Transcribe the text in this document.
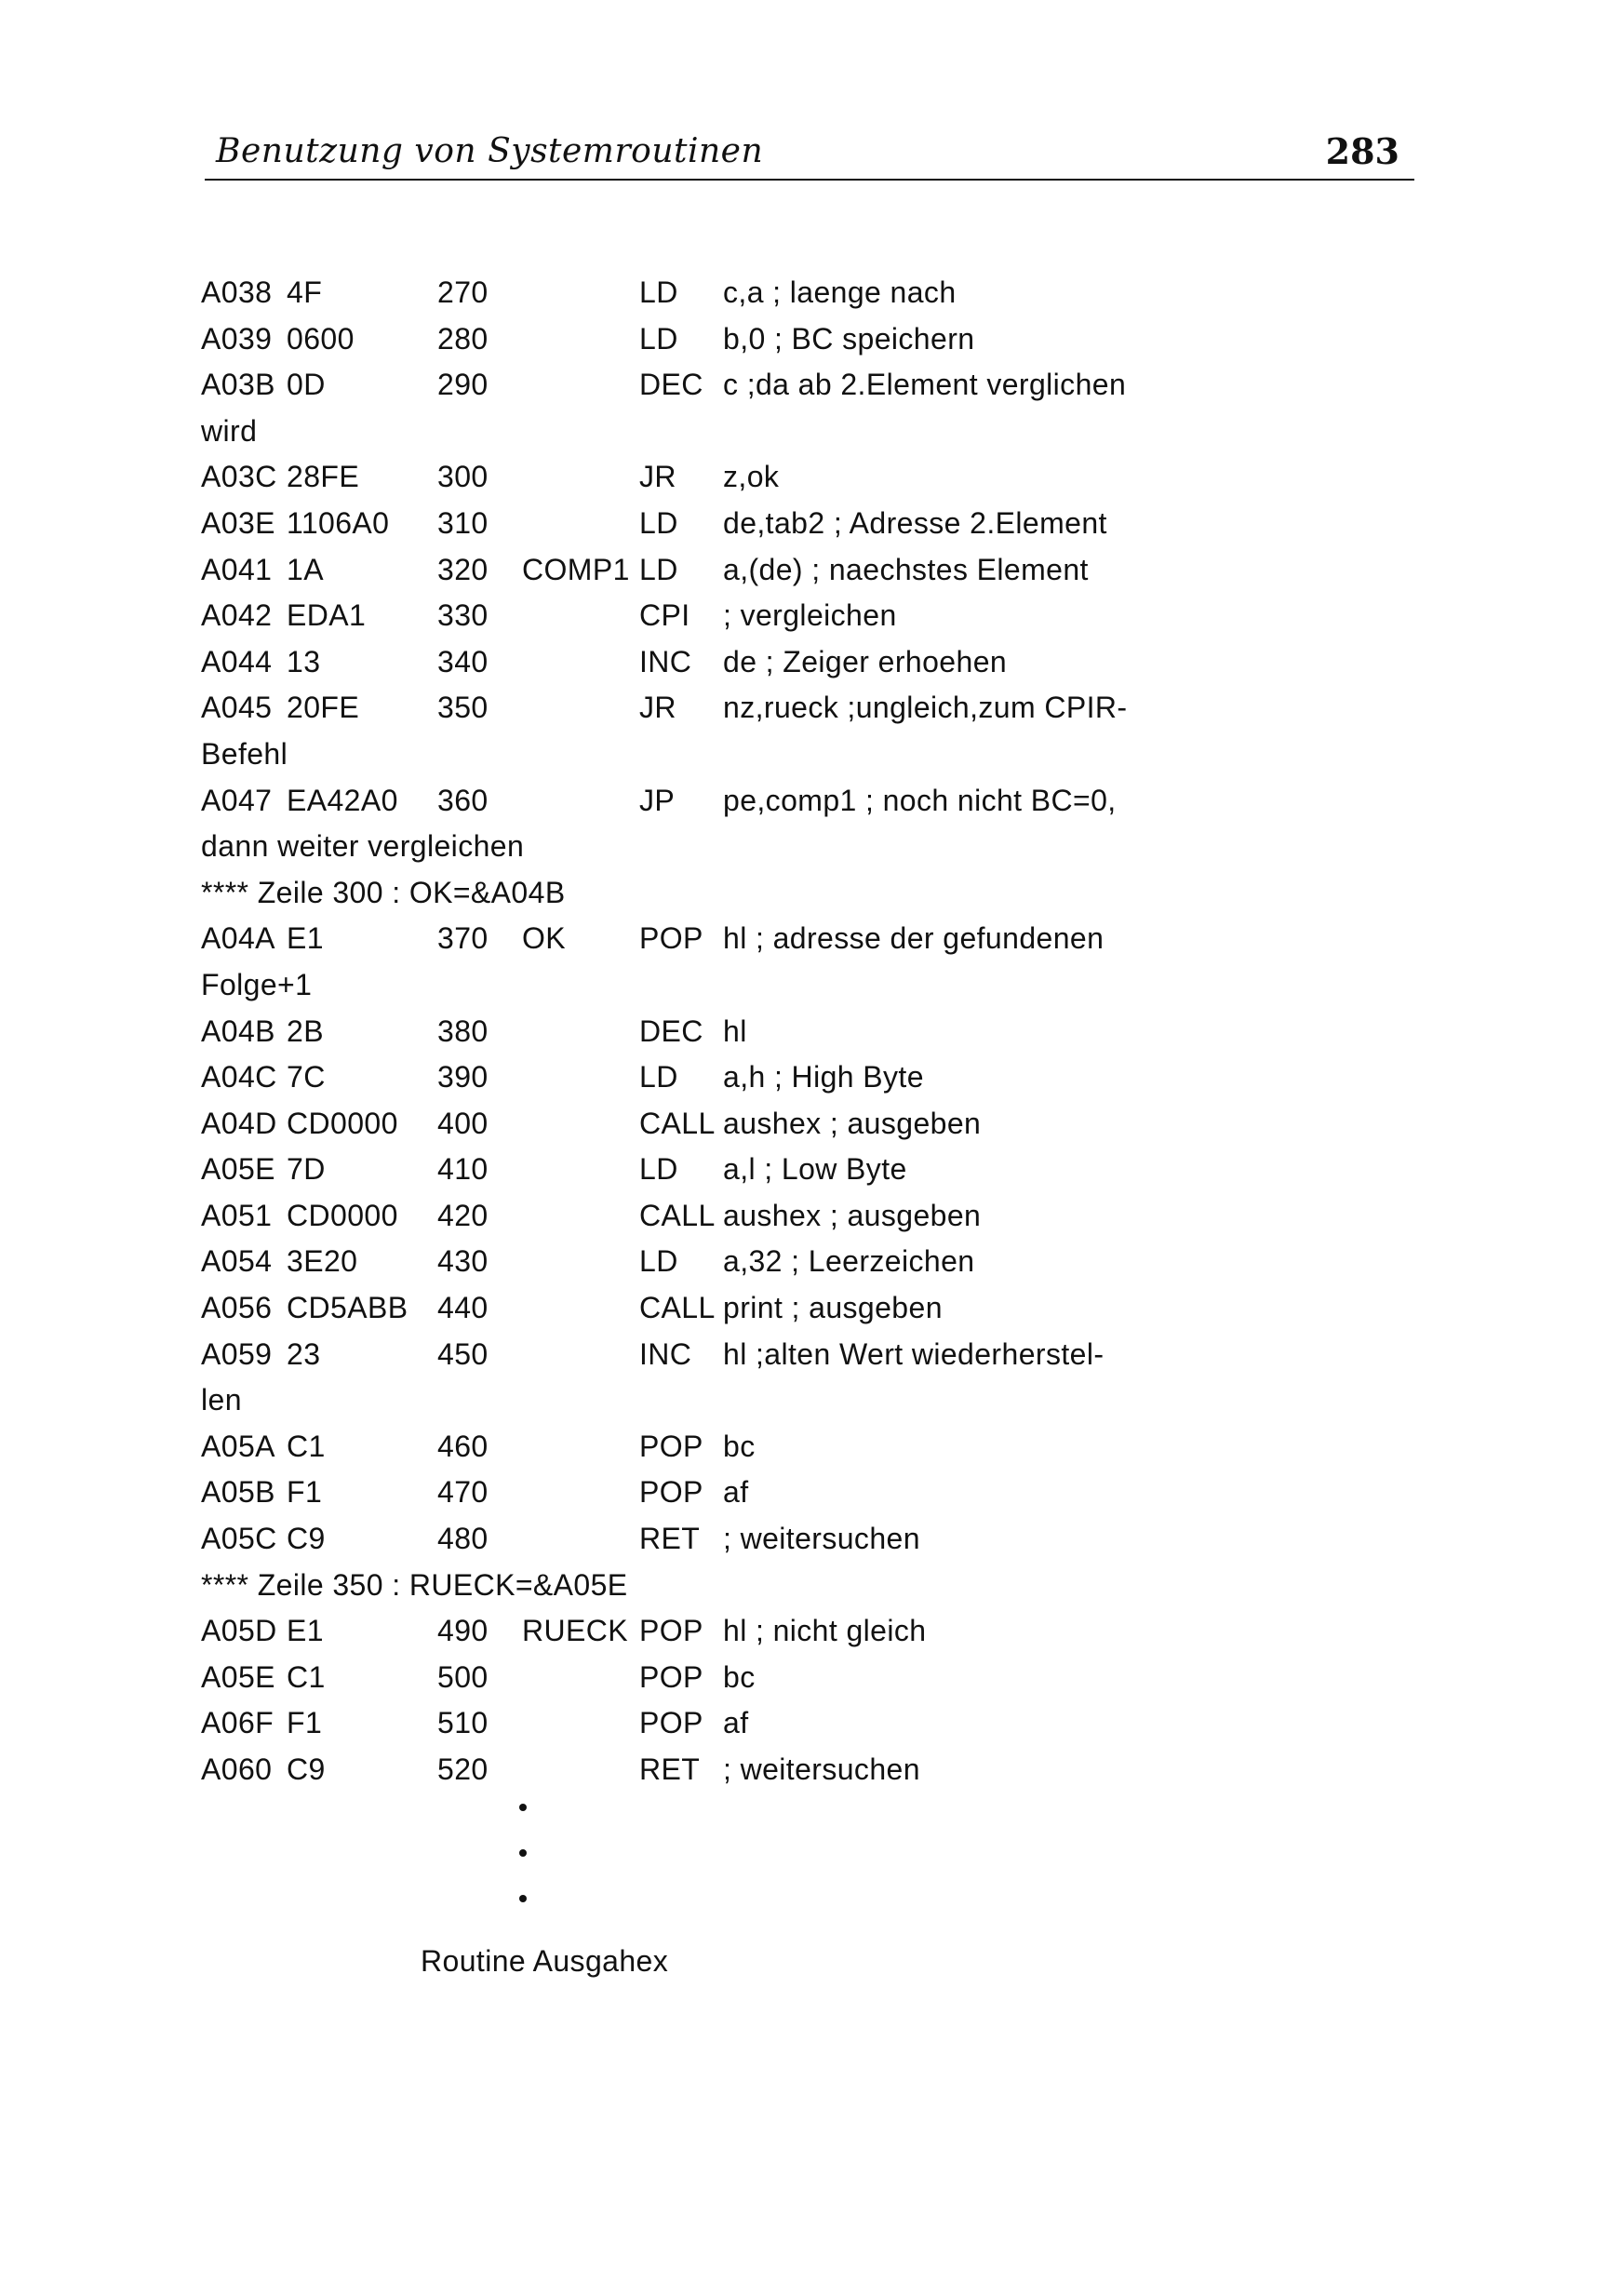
Benutzung von Systemroutinen	283
A038 4F	270	LD c,a ; laenge nach
A039 0600	280	LD b,0 ; BC speichern
A03B 0D	290	DEC c ;da ab 2.Element verglichen
wird
A03C 28FE	300	JR z,ok
A03E 1106A0 310	LD de,tab2 ; Adresse 2.Element
A041 1A	320 COMP1 LD a,(de) ; naechstes Element
A042 EDA1 330	CPI ; vergleichen
A044 13	340	INC de ; Zeiger erhoehen
A045 20FE	350	JR nz,rueck ;ungleich,zum CPIR-
Befehl
A047 EA42A0 360	JP pe,comp1 ; noch nicht BC=0,
dann weiter vergleichen
**** Zeile 300 : OK=&A04B
A04A E1	370 OK POP hl ; adresse der gefundenen
Folge+1
A04B 2B	380	DEC hl
A04C 7C	390	LD a,h ; High Byte
A04D CD0000 400	CALL aushex ; ausgeben
A05E 7D	410	LD a,l ; Low Byte
A051 CD0000 420	CALL aushex ; ausgeben
A054 3E20	430	LD a,32 ; Leerzeichen
A056 CD5ABB 440	CALL print ; ausgeben
A059 23	450	INC hl ;alten Wert wiederherstel-
len
A05A C1	460	POP bc
A05B F1	470	POP af
A05C C9	480	RET ; weitersuchen
**** Zeile 350 : RUECK=&A05E
A05D E1	490 RUECK POP hl ; nicht gleich
A05E C1	500	POP bc
A06F F1	510	POP af
A060 C9	520	RET ; weitersuchen
Routine Ausgahex
